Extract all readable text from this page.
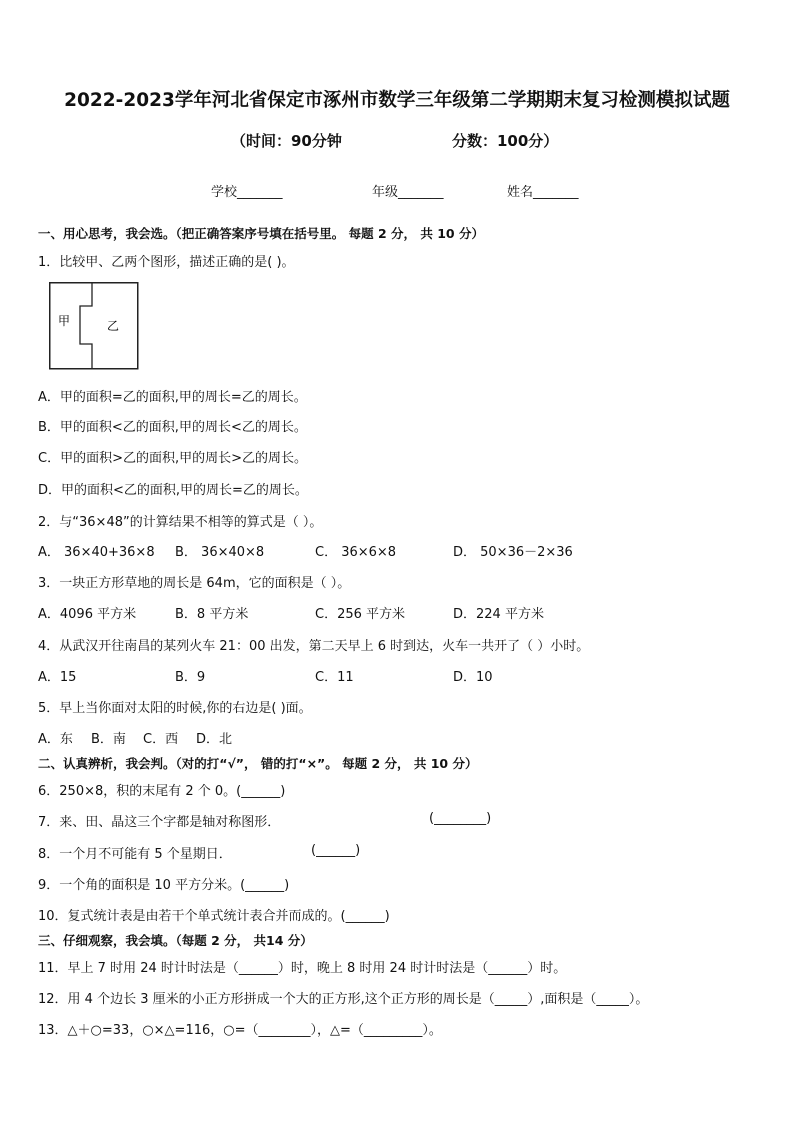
2022-2023学年河北省保定市涿州市数学三年级第二学期期末复习检测模拟试题
（时间：90分钟	分数：100分）
学校_______	年级_______	姓名_______
一、用心思考，我会选。（把正确答案序号填在括号里。 每题 2 分， 共 10 分）
1．比较甲、乙两个图形，描述正确的是( )。
甲	乙
A．甲的面积=乙的面积,甲的周长=乙的周长。
B．甲的面积<乙的面积,甲的周长<乙的周长。
C．甲的面积>乙的面积,甲的周长>乙的周长。
D．甲的面积<乙的面积,甲的周长=乙的周长。
2．与“36×48”的计算结果不相等的算式是（ ）。
A． 36×40+36×8 B． 36×40×8	C． 36×6×8	D． 50×36－2×36
3．一块正方形草地的周长是 64m，它的面积是（ ）。
A．4096 平方米	B．8 平方米	C．256 平方米	D．224 平方米
4．从武汉开往南昌的某列火车 21：00 出发，第二天早上 6 时到达，火车一共开了（ ）小时。
A．15	B．9	C．11	D．10
5．早上当你面对太阳的时候,你的右边是( )面。
A．东 B．南 C．西 D．北
二、认真辨析，我会判。（对的打“√”， 错的打“×”。 每题 2 分， 共 10 分）
6．250×8，积的末尾有 2 个 0。(______)
7．来、田、晶这三个字都是轴对称图形．	(________)
8．一个月不可能有 5 个星期日．	(______)
9．一个角的面积是 10 平方分米。(______)
10．复式统计表是由若干个单式统计表合并而成的。(______)
三、仔细观察，我会填。（每题 2 分， 共14 分）
11．早上 7 时用 24 时计时法是（______）时，晚上 8 时用 24 时计时法是（______）时。
12．用 4 个边长 3 厘米的小正方形拼成一个大的正方形,这个正方形的周长是（_____）,面积是（_____）。
13．△＋○=33，○×△=116，○=（________），△=（_________）。
